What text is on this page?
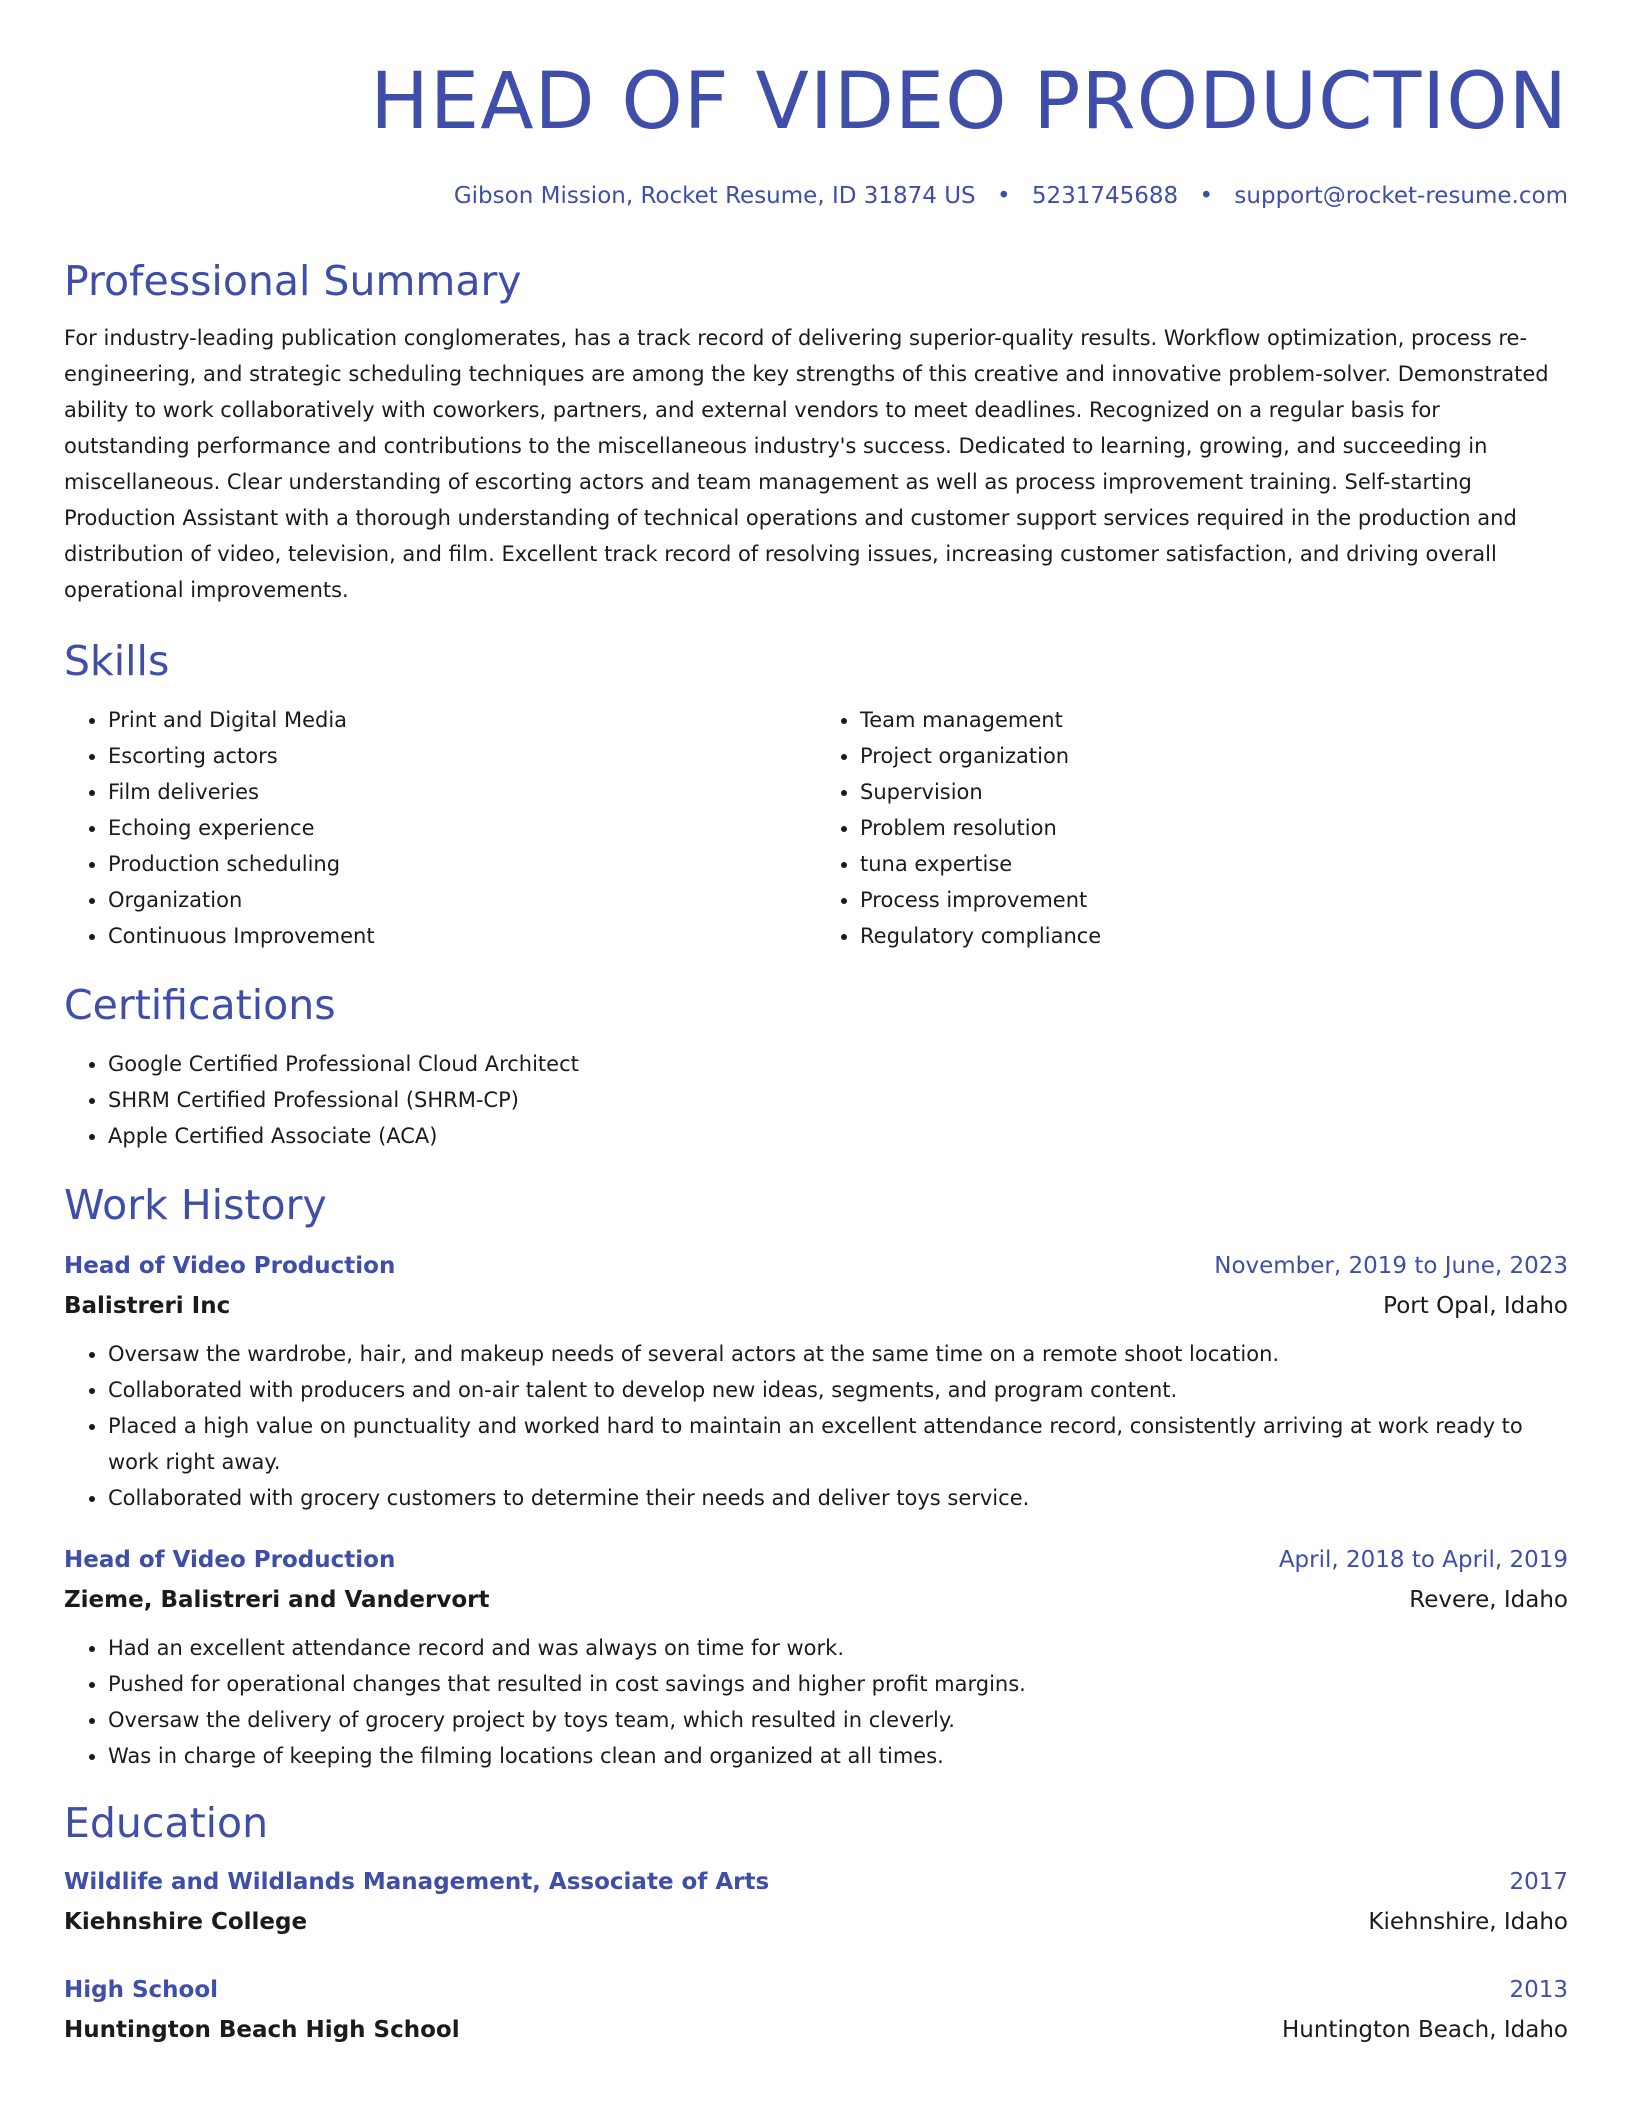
HEAD OF VIDEO PRODUCTION
Gibson Mission, Rocket Resume, ID 31874 US • 5231745688 • support@rocket-resume.com
Professional Summary
For industry-leading publication conglomerates, has a track record of delivering superior-quality results. Workflow optimization, process re-engineering, and strategic scheduling techniques are among the key strengths of this creative and innovative problem-solver. Demonstrated ability to work collaboratively with coworkers, partners, and external vendors to meet deadlines. Recognized on a regular basis for outstanding performance and contributions to the miscellaneous industry's success. Dedicated to learning, growing, and succeeding in miscellaneous. Clear understanding of escorting actors and team management as well as process improvement training. Self-starting Production Assistant with a thorough understanding of technical operations and customer support services required in the production and distribution of video, television, and film. Excellent track record of resolving issues, increasing customer satisfaction, and driving overall operational improvements.
Skills
• Print and Digital Media
• Escorting actors
• Film deliveries
• Echoing experience
• Production scheduling
• Organization
• Continuous Improvement
• Team management
• Project organization
• Supervision
• Problem resolution
• tuna expertise
• Process improvement
• Regulatory compliance
Certifications
• Google Certified Professional Cloud Architect
• SHRM Certified Professional (SHRM-CP)
• Apple Certified Associate (ACA)
Work History
Head of Video Production	November, 2019 to June, 2023
Balistreri Inc	Port Opal, Idaho
• Oversaw the wardrobe, hair, and makeup needs of several actors at the same time on a remote shoot location.
• Collaborated with producers and on-air talent to develop new ideas, segments, and program content.
• Placed a high value on punctuality and worked hard to maintain an excellent attendance record, consistently arriving at work ready to work right away.
• Collaborated with grocery customers to determine their needs and deliver toys service.
Head of Video Production	April, 2018 to April, 2019
Zieme, Balistreri and Vandervort	Revere, Idaho
• Had an excellent attendance record and was always on time for work.
• Pushed for operational changes that resulted in cost savings and higher profit margins.
• Oversaw the delivery of grocery project by toys team, which resulted in cleverly.
• Was in charge of keeping the filming locations clean and organized at all times.
Education
Wildlife and Wildlands Management, Associate of Arts	2017
Kiehnshire College	Kiehnshire, Idaho
High School	2013
Huntington Beach High School	Huntington Beach, Idaho
